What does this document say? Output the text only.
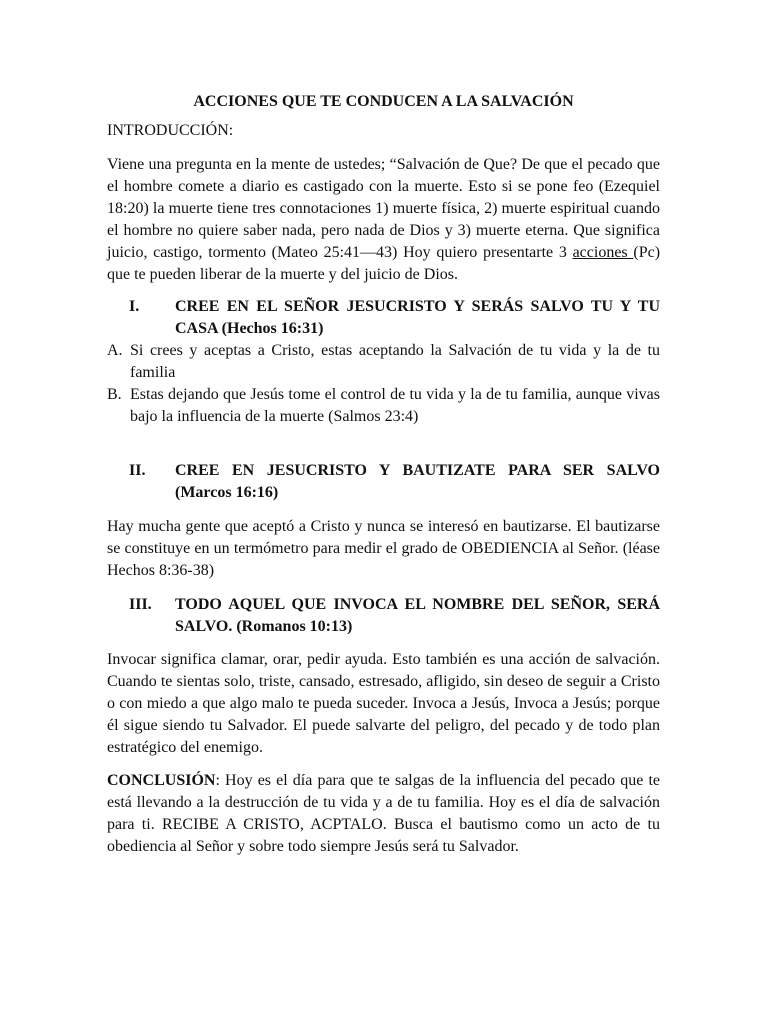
ACCIONES QUE TE CONDUCEN A LA SALVACIÓN
INTRODUCCIÓN:

Viene una pregunta en la mente de ustedes; “Salvación de Que? De que el pecado que el hombre comete a diario es castigado con la muerte. Esto si se pone feo (Ezequiel 18:20) la muerte tiene tres connotaciones 1) muerte física, 2) muerte espiritual cuando el hombre no quiere saber nada, pero nada de Dios y 3) muerte eterna. Que significa juicio, castigo, tormento (Mateo 25:41—43) Hoy quiero presentarte 3 acciones (Pc) que te pueden liberar de la muerte y del juicio de Dios.

I.	CREE EN EL SEÑOR JESUCRISTO Y SERÁS SALVO TU Y TU CASA (Hechos 16:31)
A. Si crees y aceptas a Cristo, estas aceptando la Salvación de tu vida y la de tu familia
B. Estas dejando que Jesús tome el control de tu vida y la de tu familia, aunque vivas bajo la influencia de la muerte (Salmos 23:4)
II.	CREE EN JESUCRISTO Y BAUTIZATE PARA SER SALVO (Marcos 16:16)

Hay mucha gente que aceptó a Cristo y nunca se interesó en bautizarse. El bautizarse se constituye en un termómetro para medir el grado de OBEDIENCIA al Señor. (léase Hechos 8:36-38)

III.	TODO AQUEL QUE INVOCA EL NOMBRE DEL SEÑOR, SERÁ SALVO. (Romanos 10:13)

Invocar significa clamar, orar, pedir ayuda. Esto también es una acción de salvación. Cuando te sientas solo, triste, cansado, estresado, afligido, sin deseo de seguir a Cristo o con miedo a que algo malo te pueda suceder. Invoca a Jesús, Invoca a Jesús; porque él sigue siendo tu Salvador. El puede salvarte del peligro, del pecado y de todo plan estratégico del enemigo.

CONCLUSIÓN: Hoy es el día para que te salgas de la influencia del pecado que te está llevando a la destrucción de tu vida y a de tu familia. Hoy es el día de salvación para ti. RECIBE A CRISTO, ACPTALO. Busca el bautismo como un acto de tu obediencia al Señor y sobre todo siempre Jesús será tu Salvador.
